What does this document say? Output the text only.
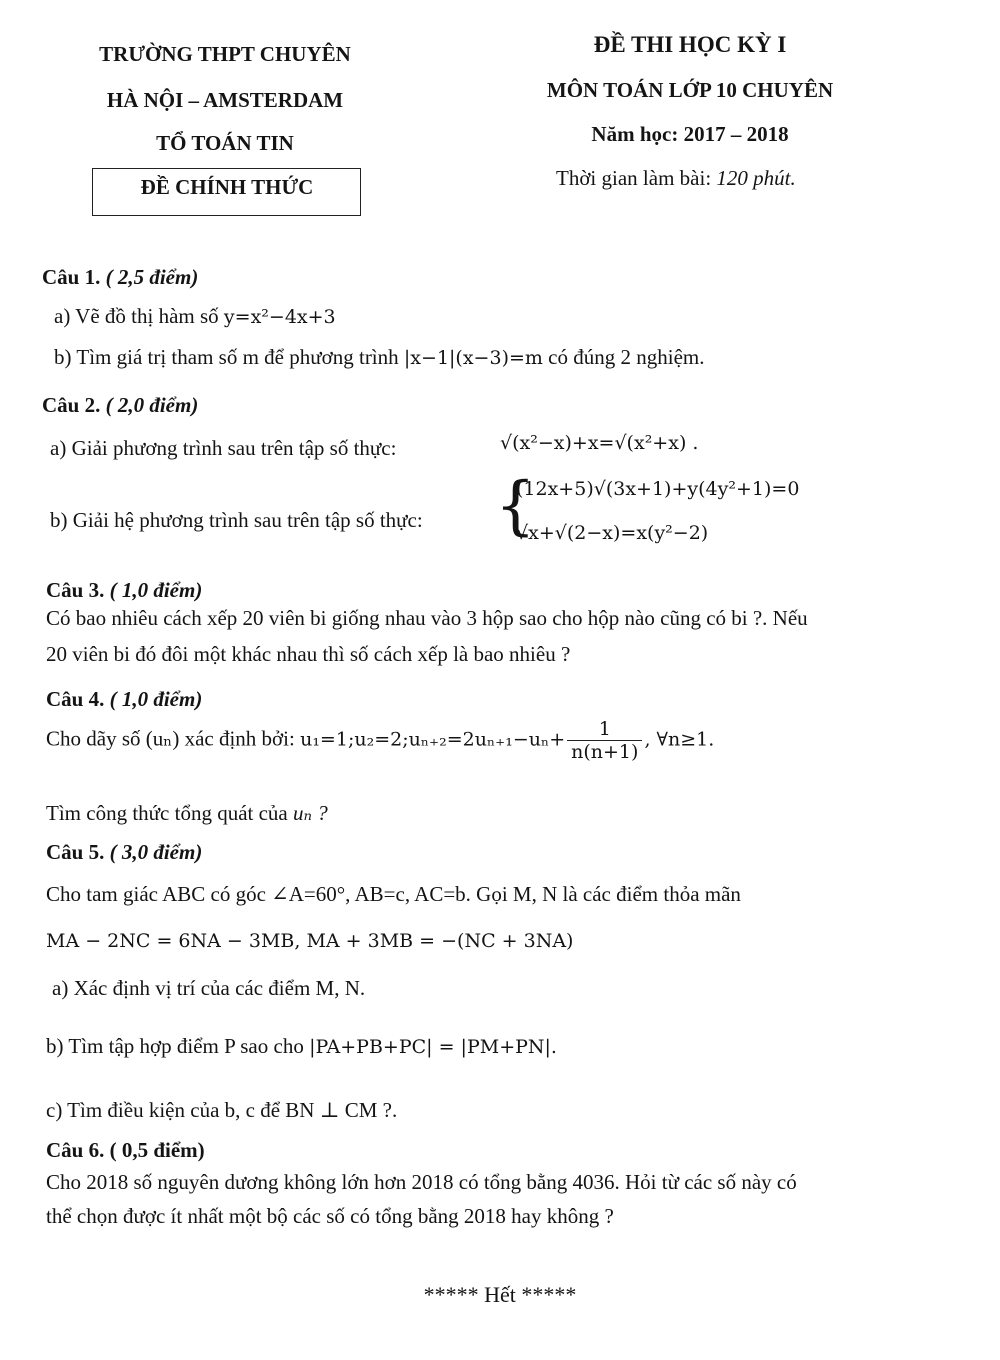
TRƯỜNG THPT CHUYÊN
HÀ NỘI – AMSTERDAM
TỔ TOÁN TIN
ĐỀ CHÍNH THỨC
ĐỀ THI HỌC KỲ I
MÔN TOÁN LỚP 10 CHUYÊN
Năm học: 2017 – 2018
Thời gian làm bài: 120 phút.
Câu 1. ( 2,5 điểm)
a) Vẽ đồ thị hàm số y=x²−4x+3
b) Tìm giá trị tham số m để phương trình |x−1|(x−3)=m có đúng 2 nghiệm.
Câu 2. ( 2,0 điểm)
a) Giải phương trình sau trên tập số thực:	√(x²−x)+x=√(x²+x) .
b) Giải hệ phương trình sau trên tập số thực: {
(12x+5)√(3x+1)+y(4y²+1)=0
√x+√(2−x)=x(y²−2)
Câu 3. ( 1,0 điểm)
Có bao nhiêu cách xếp 20 viên bi giống nhau vào 3 hộp sao cho hộp nào cũng có bi ?. Nếu
20 viên bi đó đôi một khác nhau thì số cách xếp là bao nhiêu ?
Câu 4. ( 1,0 điểm)
Cho dãy số (uₙ) xác định bởi: u₁=1;u₂=2;uₙ₊₂=2uₙ₊₁−uₙ+ $\frac{1}{n(n+1)}$ , ∀n≥1.
Tìm công thức tổng quát của uₙ ?
Câu 5. ( 3,0 điểm)
Cho tam giác ABC có góc ∠A=60°, AB=c, AC=b. Gọi M, N là các điểm thỏa mãn
MA − 2NC = 6NA − 3MB, MA + 3MB = −(NC + 3NA)
a) Xác định vị trí của các điểm M, N.
b) Tìm tập hợp điểm P sao cho |PA+PB+PC| = |PM+PN|.
c) Tìm điều kiện của b, c để BN ⊥ CM ?.
Câu 6. ( 0,5 điểm)
Cho 2018 số nguyên dương không lớn hơn 2018 có tổng bằng 4036. Hỏi từ các số này có
thể chọn được ít nhất một bộ các số có tổng bằng 2018 hay không ?
***** Hết *****
